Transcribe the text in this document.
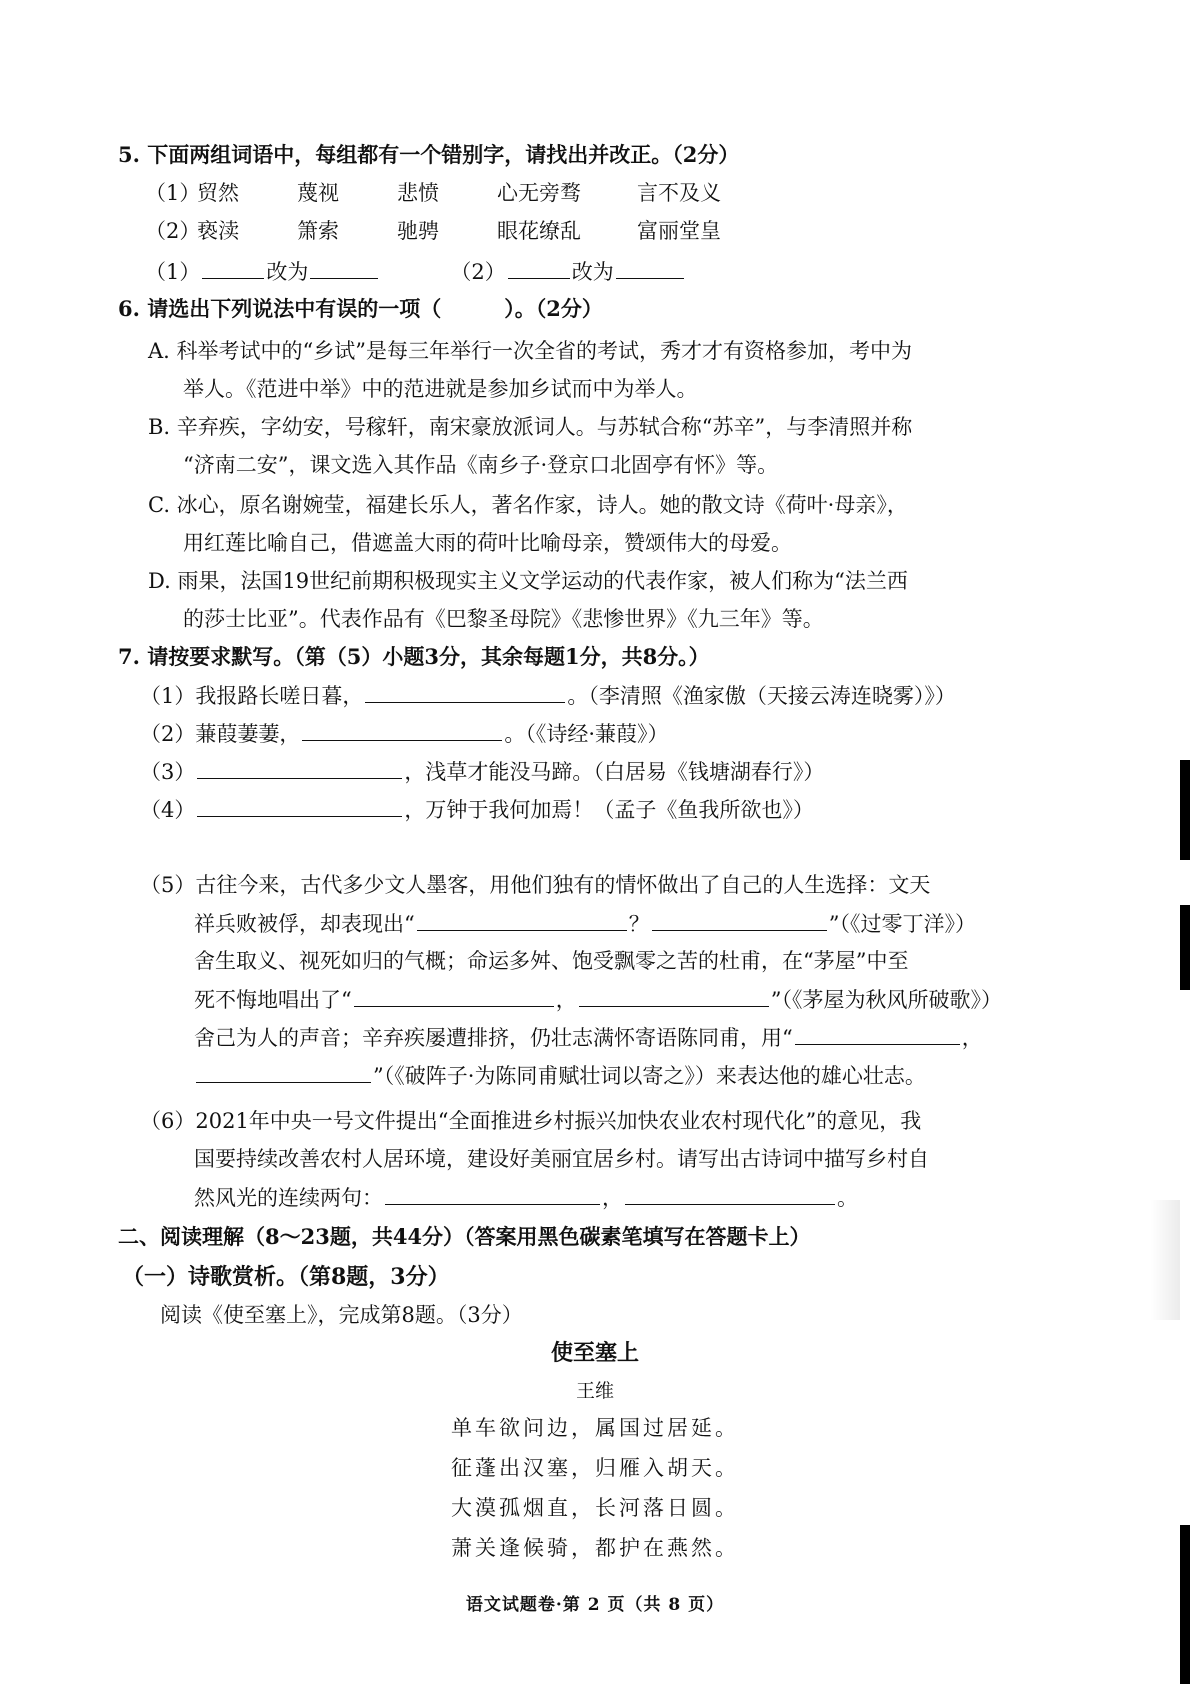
5. 下面两组词语中，每组都有一个错别字，请找出并改正。（2分）
（1）贸然	蔑视	悲愤	心无旁骛	言不及义
（2）亵渎	箫索	驰骋	眼花缭乱	富丽堂皇
（1）	改为	（2）	改为
6. 请选出下列说法中有误的一项（　　　）。（2分）
A. 科举考试中的“乡试”是每三年举行一次全省的考试，秀才才有资格参加，考中为
举人。《范进中举》中的范进就是参加乡试而中为举人。
B. 辛弃疾，字幼安，号稼轩，南宋豪放派词人。与苏轼合称“苏辛”，与李清照并称
“济南二安”，课文选入其作品《南乡子·登京口北固亭有怀》等。
C. 冰心，原名谢婉莹，福建长乐人，著名作家，诗人。她的散文诗《荷叶·母亲》，
用红莲比喻自己，借遮盖大雨的荷叶比喻母亲，赞颂伟大的母爱。
D. 雨果，法国19世纪前期积极现实主义文学运动的代表作家，被人们称为“法兰西
的莎士比亚”。代表作品有《巴黎圣母院》《悲惨世界》《九三年》等。
7. 请按要求默写。（第（5）小题3分，其余每题1分，共8分。）
（1）我报路长嗟日暮，	。（李清照《渔家傲（天接云涛连晓雾）》）
（2）蒹葭萋萋，	。（《诗经·蒹葭》）
（3）	，浅草才能没马蹄。（白居易《钱塘湖春行》）
（4）	，万钟于我何加焉！（孟子《鱼我所欲也》）
（5）古往今来，古代多少文人墨客，用他们独有的情怀做出了自己的人生选择：文天
祥兵败被俘，却表现出“	？	”（《过零丁洋》）
舍生取义、视死如归的气概；命运多舛、饱受飘零之苦的杜甫，在“茅屋”中至
死不悔地唱出了“	，	”（《茅屋为秋风所破歌》）
舍己为人的声音；辛弃疾屡遭排挤，仍壮志满怀寄语陈同甫，用“	，
”（《破阵子·为陈同甫赋壮词以寄之》）来表达他的雄心壮志。
（6）2021年中央一号文件提出“全面推进乡村振兴加快农业农村现代化”的意见，我
国要持续改善农村人居环境，建设好美丽宜居乡村。请写出古诗词中描写乡村自
然风光的连续两句：	，	。
二、阅读理解（8～23题，共44分）（答案用黑色碳素笔填写在答题卡上）
（一）诗歌赏析。（第8题，3分）
阅读《使至塞上》，完成第8题。（3分）
使至塞上
王维
单车欲问边，属国过居延。
征蓬出汉塞，归雁入胡天。
大漠孤烟直，长河落日圆。
萧关逢候骑，都护在燕然。
语文试题卷·第 2 页（共 8 页）
